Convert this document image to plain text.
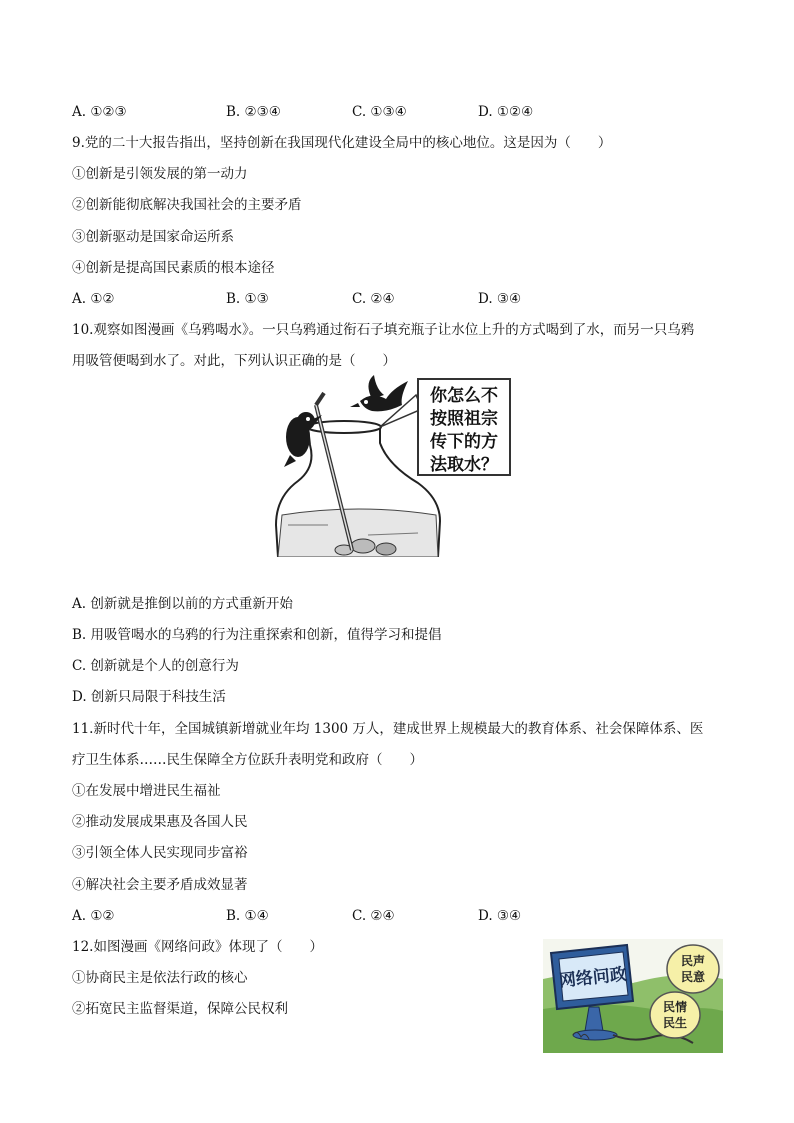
A. ①②③	B. ②③④	C. ①③④	D. ①②④
9.党的二十大报告指出，坚持创新在我国现代化建设全局中的核心地位。这是因为（　　）
①创新是引领发展的第一动力
②创新能彻底解决我国社会的主要矛盾
③创新驱动是国家命运所系
④创新是提高国民素质的根本途径
A. ①②	B. ①③	C. ②④	D. ③④
10.观察如图漫画《乌鸦喝水》。一只乌鸦通过衔石子填充瓶子让水位上升的方式喝到了水，而另一只乌鸦
用吸管便喝到水了。对此，下列认识正确的是（　　）
你怎么不
按照祖宗
传下的方
法取水？
A. 创新就是推倒以前的方式重新开始
B. 用吸管喝水的乌鸦的行为注重探索和创新，值得学习和提倡
C. 创新就是个人的创意行为
D. 创新只局限于科技生活
11.新时代十年，全国城镇新增就业年均 1300 万人，建成世界上规模最大的教育体系、社会保障体系、医
疗卫生体系……民生保障全方位跃升表明党和政府（　　）
①在发展中增进民生福祉
②推动发展成果惠及各国人民
③引领全体人民实现同步富裕
④解决社会主要矛盾成效显著
A. ①②	B. ①④	C. ②④	D. ③④
12.如图漫画《网络问政》体现了（　　）
①协商民主是依法行政的核心
②拓宽民主监督渠道，保障公民权利
网络问政
民声
民意
民情
民生
